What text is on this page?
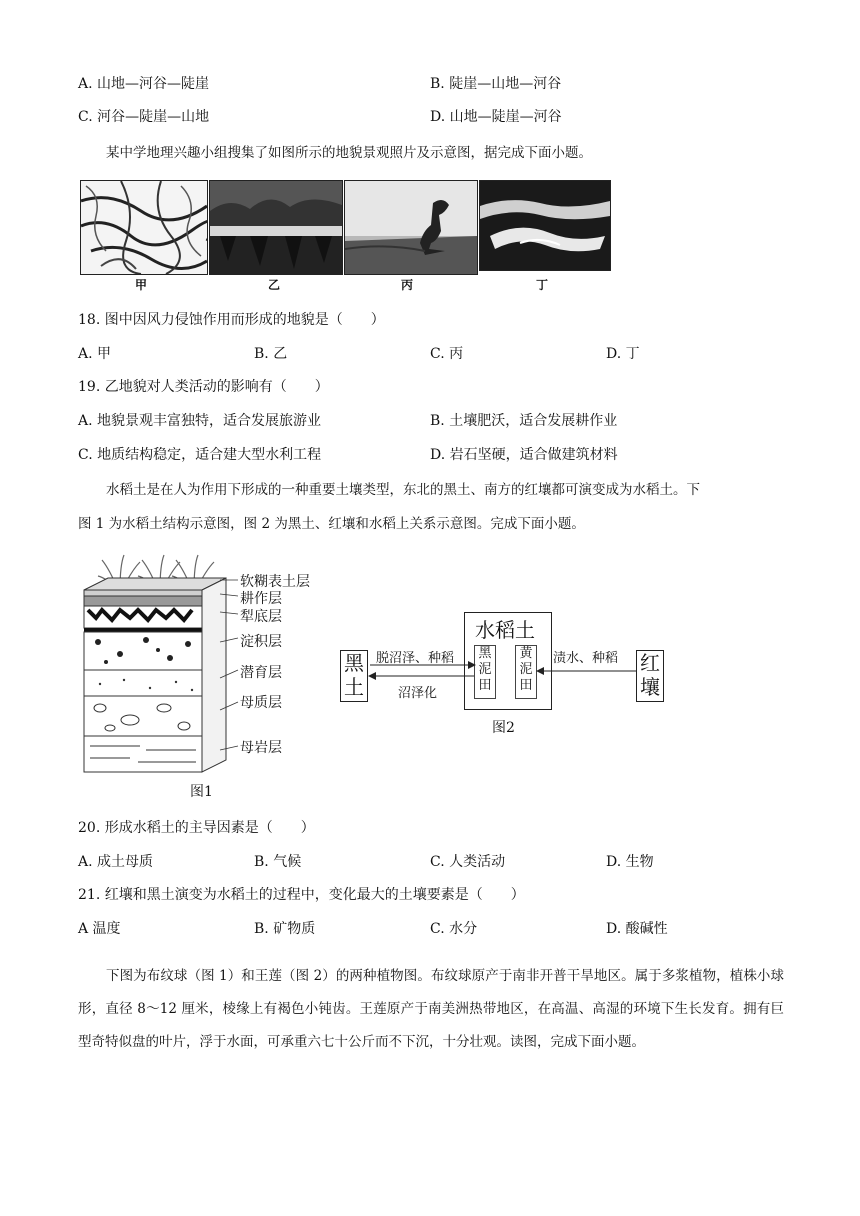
A. 山地—河谷—陡崖	B. 陡崖—山地—河谷
C. 河谷—陡崖—山地	D. 山地—陡崖—河谷
某中学地理兴趣小组搜集了如图所示的地貌景观照片及示意图，据完成下面小题。
甲	乙	丙	丁
18. 图中因风力侵蚀作用而形成的地貌是（　　）
A. 甲	B. 乙	C. 丙	D. 丁
19. 乙地貌对人类活动的影响有（　　）
A. 地貌景观丰富独特，适合发展旅游业	B. 土壤肥沃，适合发展耕作业
C. 地质结构稳定，适合建大型水利工程	D. 岩石坚硬，适合做建筑材料
水稻土是在人为作用下形成的一种重要土壤类型，东北的黑土、南方的红壤都可演变成为水稻土。下
图 1 为水稻土结构示意图，图 2 为黑土、红壤和水稻上关系示意图。完成下面小题。
软糊表土层
耕作层
犁底层
淀积层
潜育层
母质层
母岩层
图1
黑土
水稻土
黑泥田
黄泥田
红壤
脱沼泽、种稻
沼泽化
渍水、种稻
图2
20. 形成水稻土的主导因素是（　　）
A. 成土母质	B. 气候	C. 人类活动	D. 生物
21. 红壤和黑土演变为水稻土的过程中，变化最大的土壤要素是（　　）
A 温度	B. 矿物质	C. 水分	D. 酸碱性
下图为布纹球（图 1）和王莲（图 2）的两种植物图。布纹球原产于南非开普干旱地区。属于多浆植物，植株小球形，直径 8～12 厘米，棱缘上有褐色小钝齿。王莲原产于南美洲热带地区，在高温、高湿的环境下生长发育。拥有巨型奇特似盘的叶片，浮于水面，可承重六七十公斤而不下沉，十分壮观。读图，完成下面小题。
